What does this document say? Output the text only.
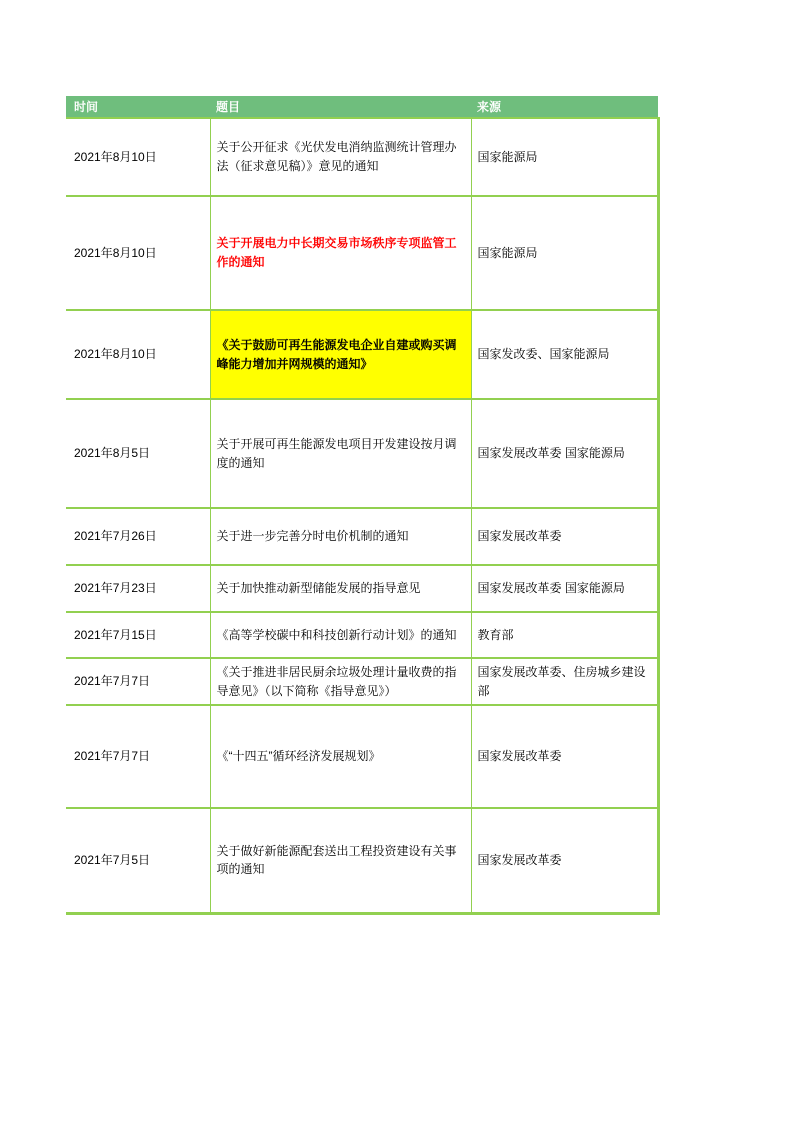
时间	题目	来源
2021年8月10日	关于公开征求《光伏发电消纳监测统计管理办法（征求意见稿）》意见的通知	国家能源局
2021年8月10日	关于开展电力中长期交易市场秩序专项监管工作的通知	国家能源局
2021年8月10日	《关于鼓励可再生能源发电企业自建或购买调峰能力增加并网规模的通知》	国家发改委、国家能源局
2021年8月5日	关于开展可再生能源发电项目开发建设按月调度的通知	国家发展改革委 国家能源局
2021年7月26日	关于进一步完善分时电价机制的通知	国家发展改革委
2021年7月23日	关于加快推动新型储能发展的指导意见	国家发展改革委 国家能源局
2021年7月15日	《高等学校碳中和科技创新行动计划》的通知	教育部
2021年7月7日	《关于推进非居民厨余垃圾处理计量收费的指导意见》（以下简称《指导意见》）	国家发展改革委、住房城乡建设部
2021年7月7日	《“十四五”循环经济发展规划》	国家发展改革委
2021年7月5日	关于做好新能源配套送出工程投资建设有关事项的通知	国家发展改革委
